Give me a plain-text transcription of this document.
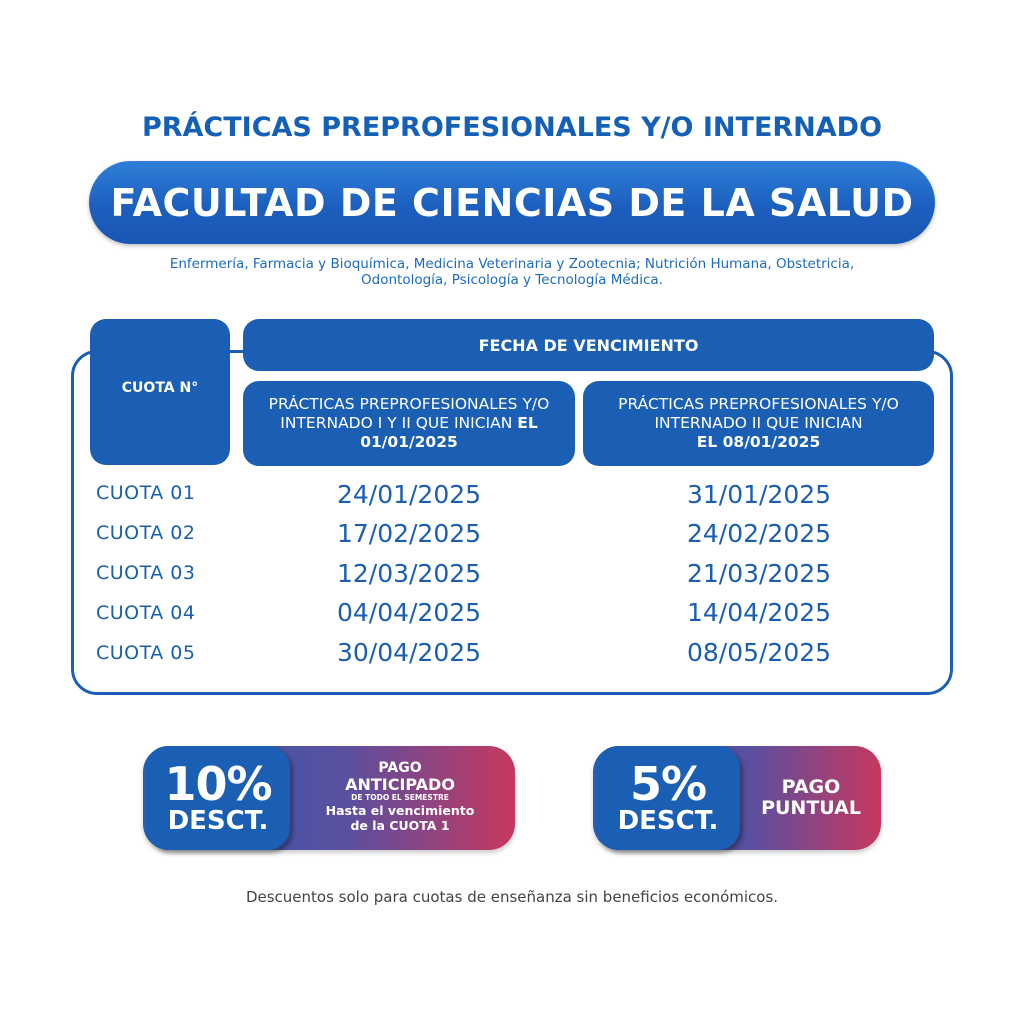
PRÁCTICAS PREPROFESIONALES Y/O INTERNADO
FACULTAD DE CIENCIAS DE LA SALUD
Enfermería, Farmacia y Bioquímica, Medicina Veterinaria y Zootecnia; Nutrición Humana, Obstetricia,
Odontología, Psicología y Tecnología Médica.
CUOTA N°
FECHA DE VENCIMIENTO
PRÁCTICAS PREPROFESIONALES Y/O INTERNADO I Y II QUE INICIAN EL 01/01/2025
PRÁCTICAS PREPROFESIONALES Y/O INTERNADO II QUE INICIAN
EL 08/01/2025
CUOTA 01	24/01/2025	31/01/2025
CUOTA 02	17/02/2025	24/02/2025
CUOTA 03	12/03/2025	21/03/2025
CUOTA 04	04/04/2025	14/04/2025
CUOTA 05	30/04/2025	08/05/2025
10%
DESCT.
PAGO
ANTICIPADO
DE TODO EL SEMESTRE
Hasta el vencimiento
de la CUOTA 1
5%
DESCT.
PAGO
PUNTUAL
Descuentos solo para cuotas de enseñanza sin beneficios económicos.
